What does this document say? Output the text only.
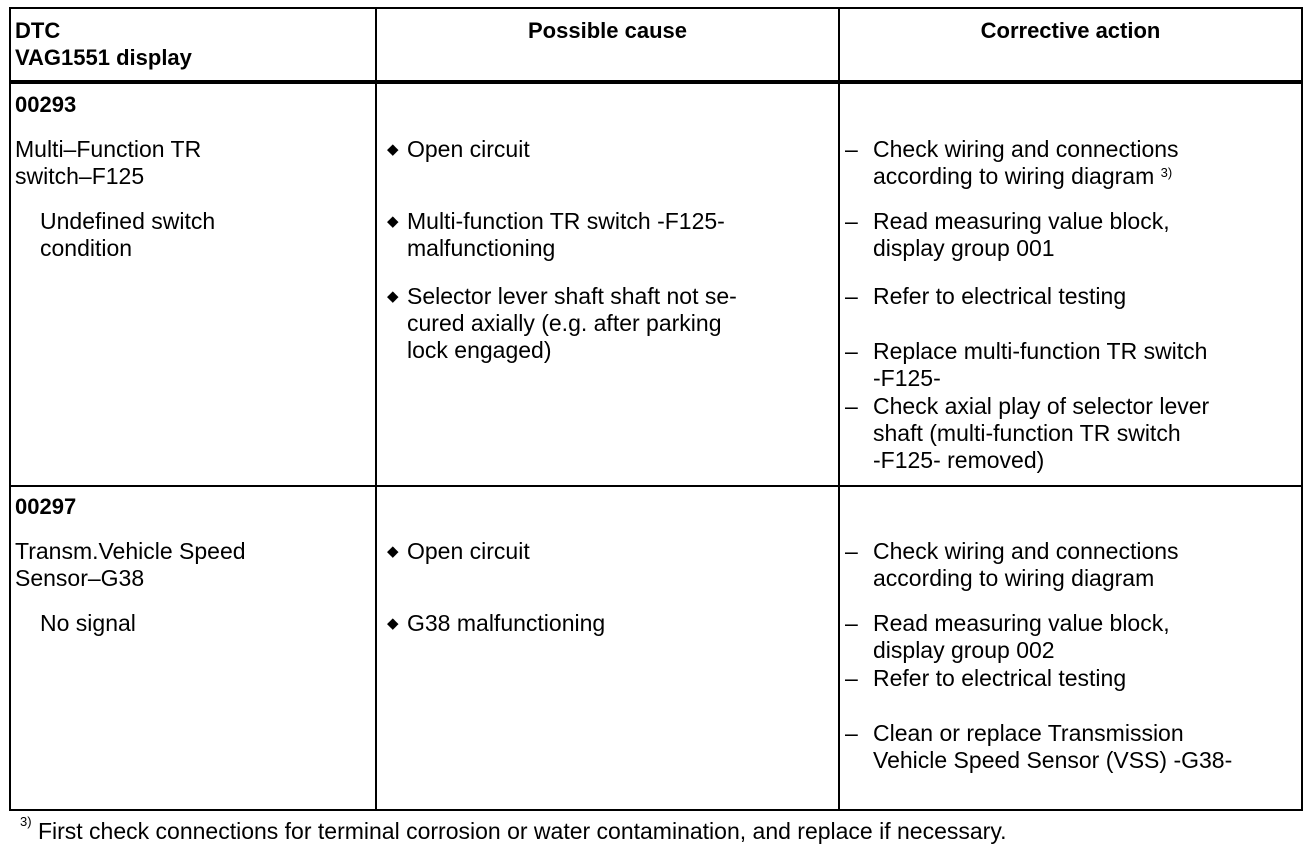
DTC
VAG1551 display
Possible cause	Corrective action
00293
Multi–Function TR
switch–F125
Undefined switch
condition
◆ Open circuit
◆ Multi-function TR switch -F125-
malfunctioning
◆ Selector lever shaft shaft not se-
cured axially (e.g. after parking
lock engaged)
– Check wiring and connections
according to wiring diagram $^{3)}$
– Read measuring value block,
display group 001
– Refer to electrical testing
– Replace multi-function TR switch
-F125-
– Check axial play of selector lever
shaft (multi-function TR switch
-F125- removed)
00297
Transm.Vehicle Speed
Sensor–G38
No signal
◆ Open circuit
◆ G38 malfunctioning
– Check wiring and connections
according to wiring diagram
– Read measuring value block,
display group 002
– Refer to electrical testing
– Clean or replace Transmission
Vehicle Speed Sensor (VSS) -G38-
$^{3)}$ First check connections for terminal corrosion or water contamination, and replace if necessary.
